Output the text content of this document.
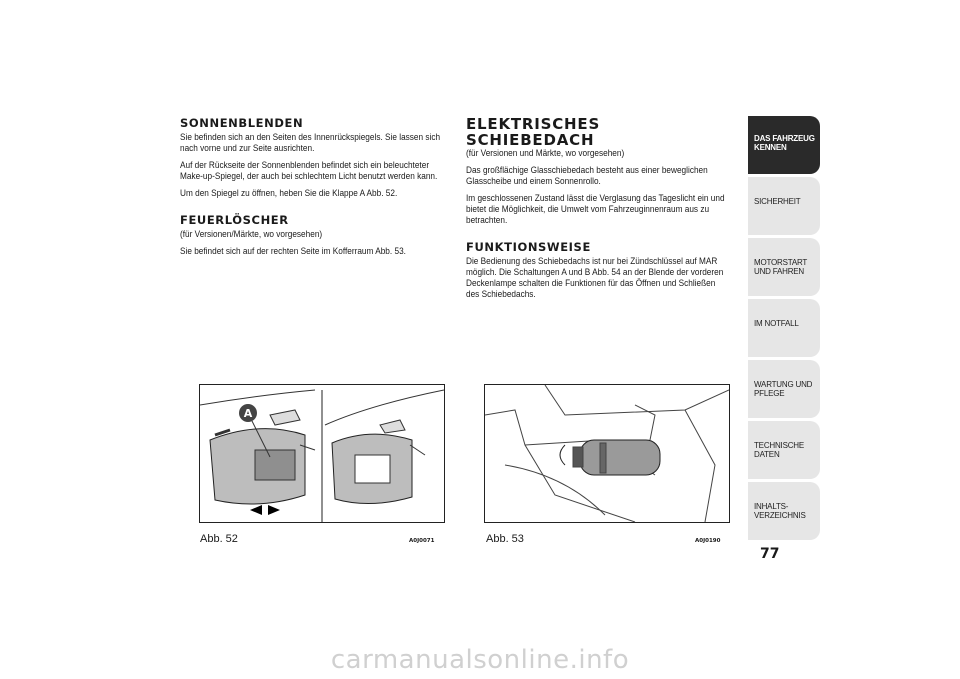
SONNENBLENDEN

Sie befinden sich an den Seiten des Innenrückspiegels. Sie lassen sich nach vorne und zur Seite ausrichten.

Auf der Rückseite der Sonnenblenden befindet sich ein beleuchteter Make-up-Spiegel, der auch bei schlechtem Licht benutzt werden kann.

Um den Spiegel zu öffnen, heben Sie die Klappe A Abb. 52.

FEUERLÖSCHER

(für Versionen/Märkte, wo vorgesehen)

Sie befindet sich auf der rechten Seite im Kofferraum Abb. 53.

ELEKTRISCHES SCHIEBEDACH

(für Versionen und Märkte, wo vorgesehen)

Das großflächige Glasschiebedach besteht aus einer beweglichen Glasscheibe und einem Sonnenrollo.

Im geschlossenen Zustand lässt die Verglasung das Tageslicht ein und bietet die Möglichkeit, die Umwelt vom Fahrzeuginnenraum aus zu betrachten.

FUNKTIONSWEISE

Die Bedienung des Schiebedachs ist nur bei Zündschlüssel auf MAR möglich. Die Schaltungen A und B Abb. 54 an der Blende der vorderen Deckenlampe schalten die Funktionen für das Öffnen und Schließen des Schiebedachs.

A
Abb. 52	A0J0071	Abb. 53	A0J0190
DAS FAHRZEUG KENNEN
SICHERHEIT
MOTORSTART UND FAHREN
IM NOTFALL
WARTUNG UND PFLEGE
TECHNISCHE DATEN
INHALTS-VERZEICHNIS
77
carmanualsonline.info
